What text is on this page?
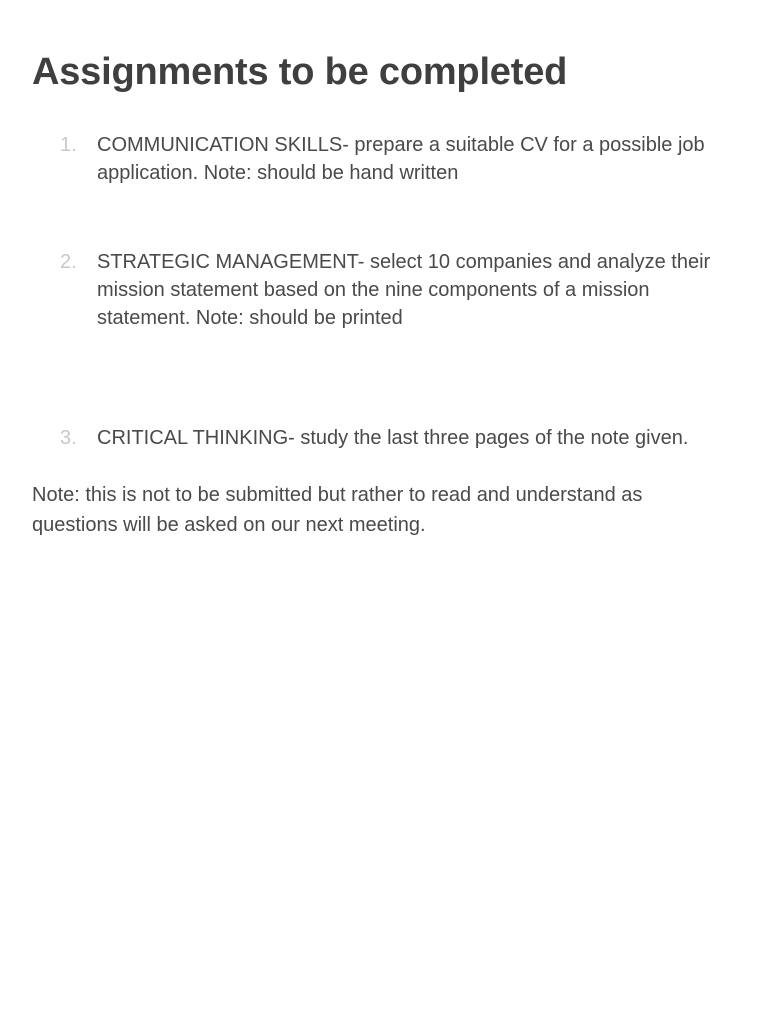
Assignments to be completed
1. COMMUNICATION SKILLS- prepare a suitable CV for a possible job application. Note: should be hand written

2. STRATEGIC MANAGEMENT- select 10 companies and analyze their mission statement based on the nine components of a mission statement. Note: should be printed

3. CRITICAL THINKING- study the last three pages of the note given.

Note: this is not to be submitted but rather to read and understand as questions will be asked on our next meeting.
